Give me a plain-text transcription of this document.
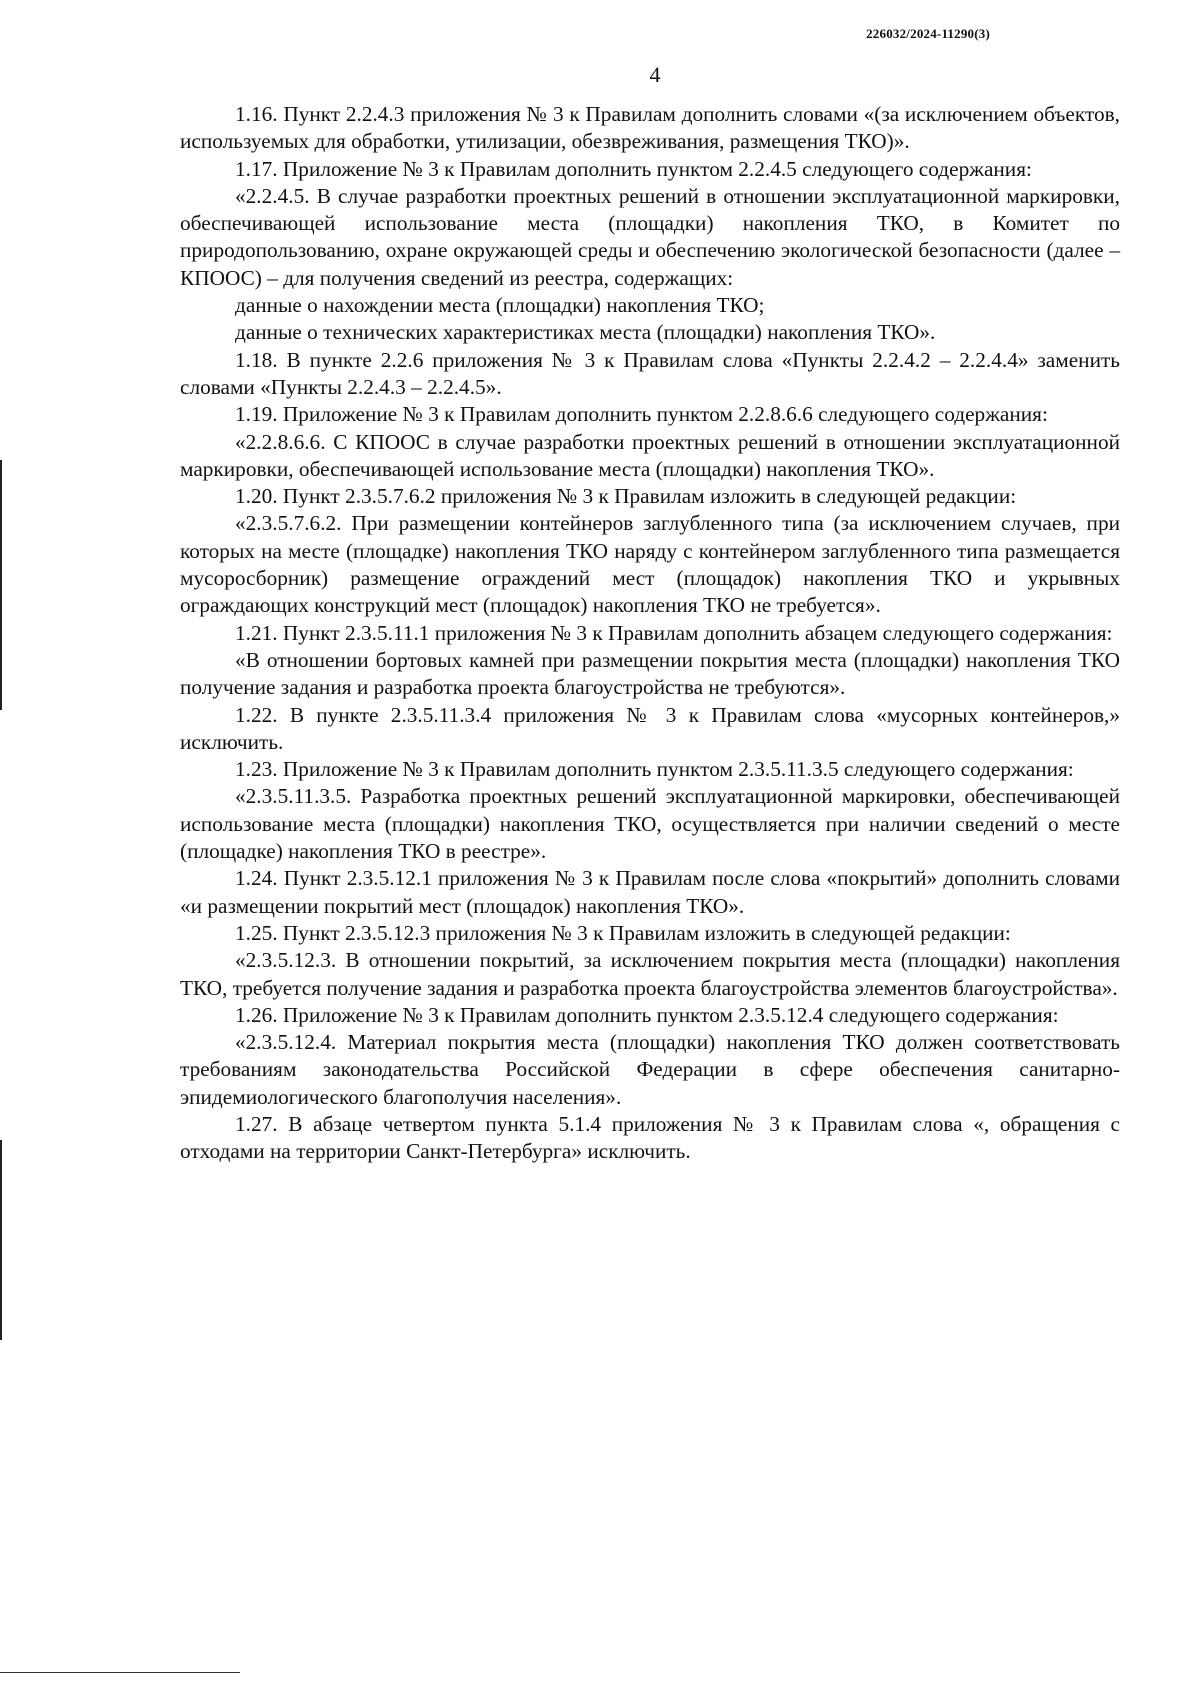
226032/2024-11290(3)
4

1.16. Пункт 2.2.4.3 приложения № 3 к Правилам дополнить словами «(за исключением объектов, используемых для обработки, утилизации, обезвреживания, размещения ТКО)».

1.17. Приложение № 3 к Правилам дополнить пунктом 2.2.4.5 следующего содержания:

«2.2.4.5. В случае разработки проектных решений в отношении эксплуатационной маркировки, обеспечивающей использование места (площадки) накопления ТКО, в Комитет по природопользованию, охране окружающей среды и обеспечению экологической безопасности (далее – КПООС) – для получения сведений из реестра, содержащих:

данные о нахождении места (площадки) накопления ТКО;

данные о технических характеристиках места (площадки) накопления ТКО».

1.18. В пункте 2.2.6 приложения № 3 к Правилам слова «Пункты 2.2.4.2 – 2.2.4.4» заменить словами «Пункты 2.2.4.3 – 2.2.4.5».

1.19. Приложение № 3 к Правилам дополнить пунктом 2.2.8.6.6 следующего содержания:

«2.2.8.6.6. С КПООС в случае разработки проектных решений в отношении эксплуатационной маркировки, обеспечивающей использование места (площадки) накопления ТКО».

1.20. Пункт 2.3.5.7.6.2 приложения № 3 к Правилам изложить в следующей редакции:

«2.3.5.7.6.2. При размещении контейнеров заглубленного типа (за исключением случаев, при которых на месте (площадке) накопления ТКО наряду с контейнером заглубленного типа размещается мусоросборник) размещение ограждений мест (площадок) накопления ТКО и укрывных ограждающих конструкций мест (площадок) накопления ТКО не требуется».

1.21. Пункт 2.3.5.11.1 приложения № 3 к Правилам дополнить абзацем следующего содержания:

«В отношении бортовых камней при размещении покрытия места (площадки) накопления ТКО получение задания и разработка проекта благоустройства не требуются».

1.22. В пункте 2.3.5.11.3.4 приложения № 3 к Правилам слова «мусорных контейнеров,» исключить.

1.23. Приложение № 3 к Правилам дополнить пунктом 2.3.5.11.3.5 следующего содержания:

«2.3.5.11.3.5. Разработка проектных решений эксплуатационной маркировки, обеспечивающей использование места (площадки) накопления ТКО, осуществляется при наличии сведений о месте (площадке) накопления ТКО в реестре».

1.24. Пункт 2.3.5.12.1 приложения № 3 к Правилам после слова «покрытий» дополнить словами «и размещении покрытий мест (площадок) накопления ТКО».

1.25. Пункт 2.3.5.12.3 приложения № 3 к Правилам изложить в следующей редакции:

«2.3.5.12.3. В отношении покрытий, за исключением покрытия места (площадки) накопления ТКО, требуется получение задания и разработка проекта благоустройства элементов благоустройства».

1.26. Приложение № 3 к Правилам дополнить пунктом 2.3.5.12.4 следующего содержания:

«2.3.5.12.4. Материал покрытия места (площадки) накопления ТКО должен соответствовать требованиям законодательства Российской Федерации в сфере обеспечения санитарно-эпидемиологического благополучия населения».

1.27. В абзаце четвертом пункта 5.1.4 приложения № 3 к Правилам слова «, обращения с отходами на территории Санкт-Петербурга» исключить.
